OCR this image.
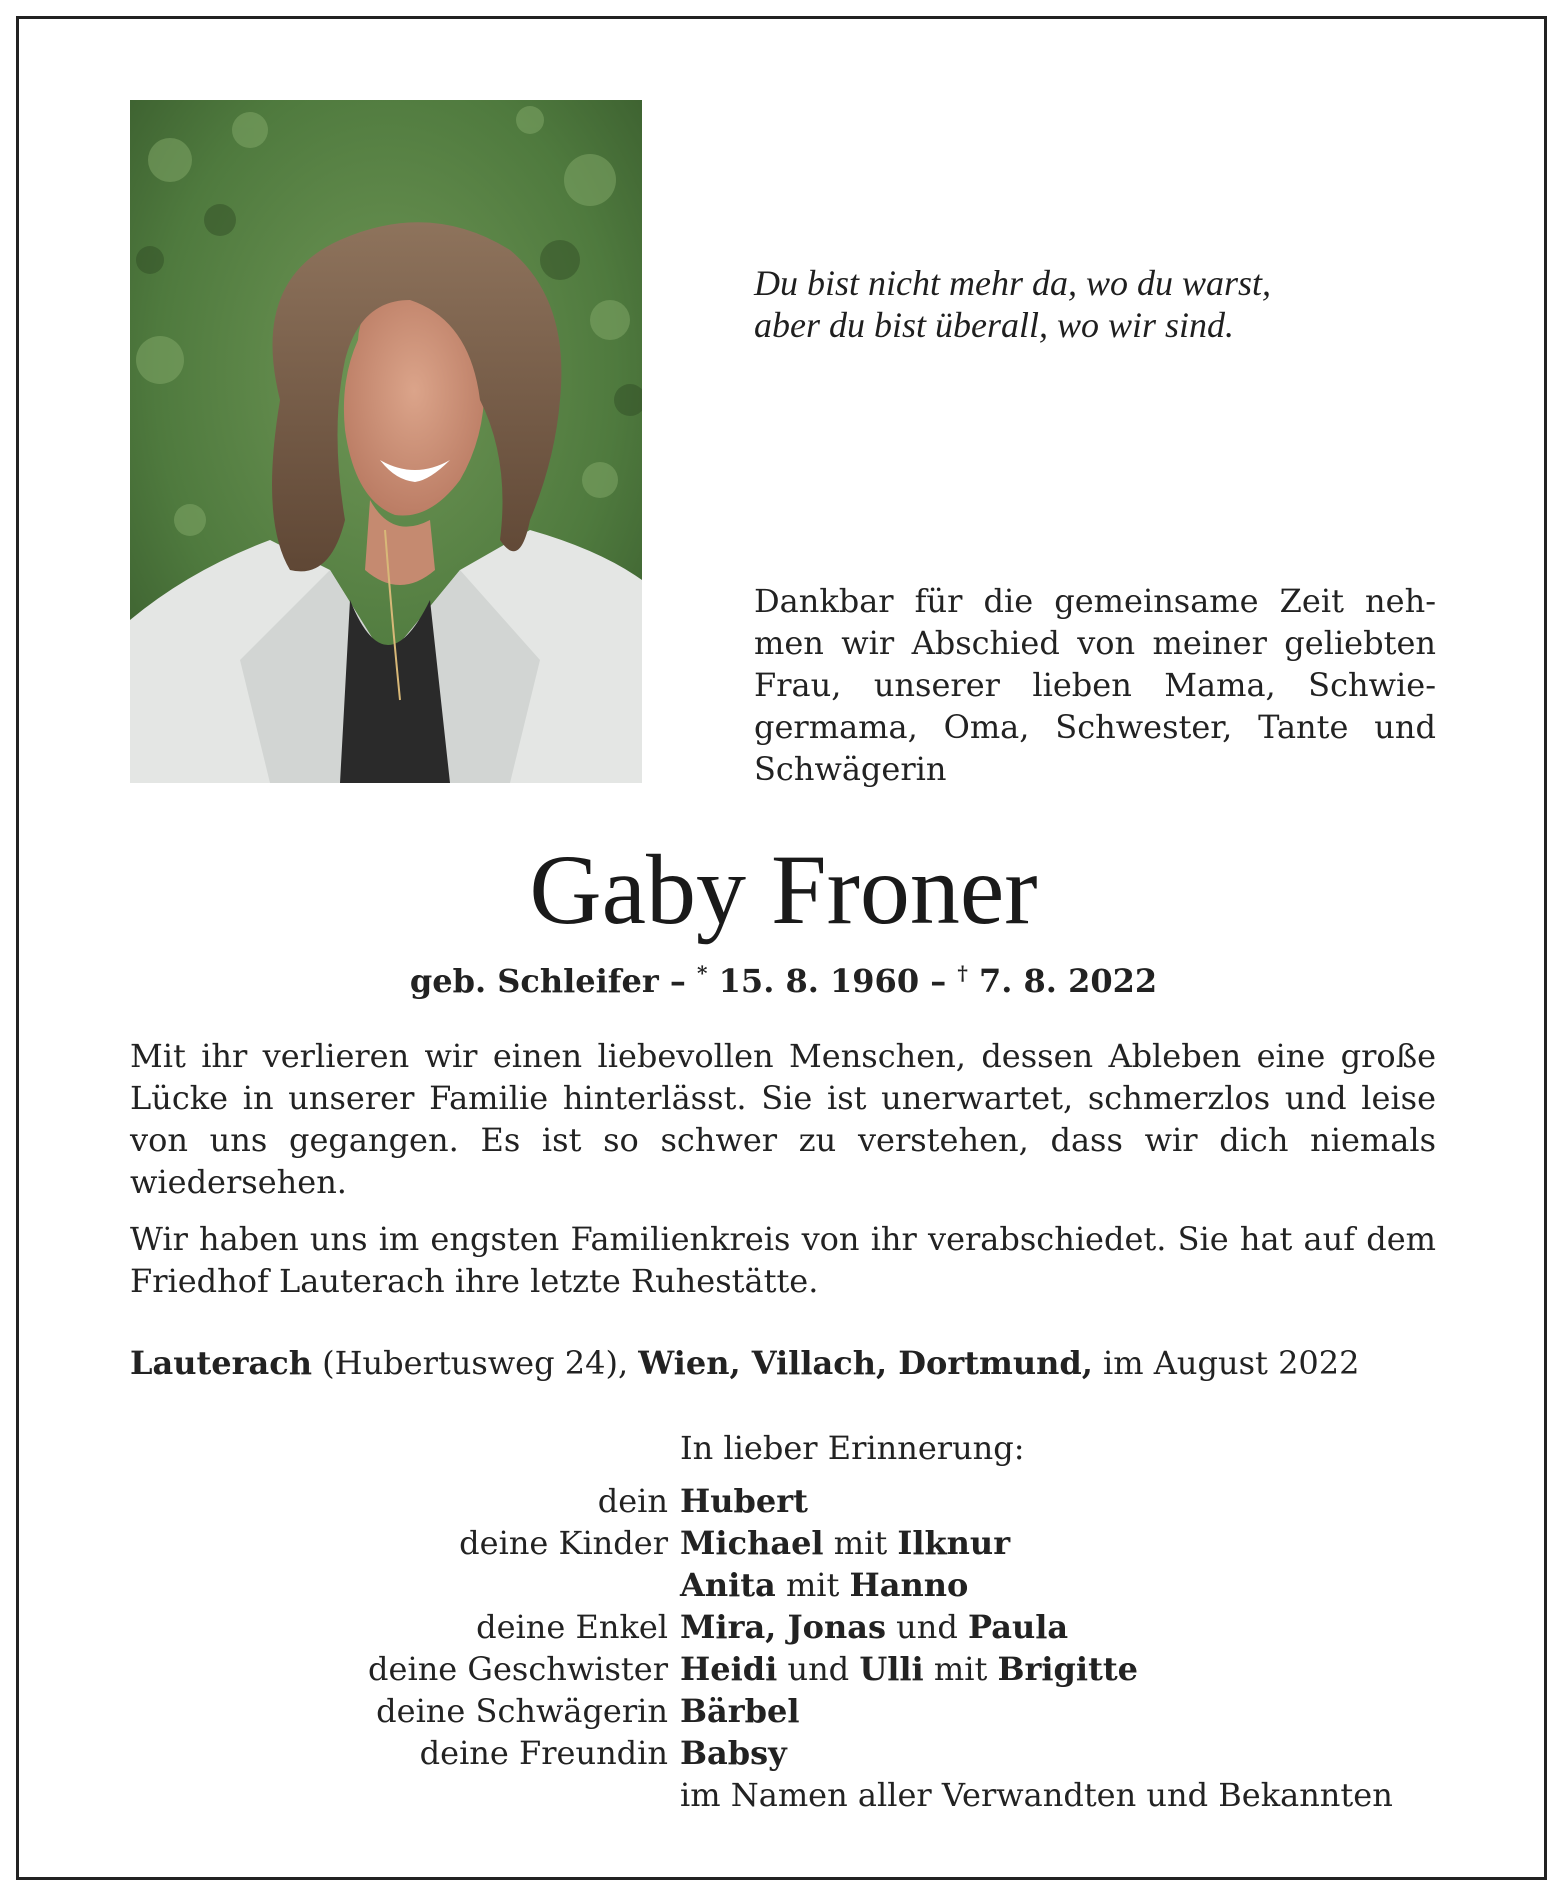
Du bist nicht mehr da, wo du warst,
aber du bist überall, wo wir sind.
Dankbar für die gemeinsame Zeit nehmen wir Abschied von meiner geliebten Frau, unserer lieben Mama, Schwiegermama, Oma, Schwester, Tante und Schwägerin
Gaby Froner
geb. Schleifer – * 15. 8. 1960 – † 7. 8. 2022
Mit ihr verlieren wir einen liebevollen Menschen, dessen Ableben eine große Lücke in unserer Familie hinterlässt. Sie ist unerwartet, schmerzlos und leise von uns gegangen. Es ist so schwer zu verstehen, dass wir dich niemals wiedersehen.
Wir haben uns im engsten Familienkreis von ihr verabschiedet. Sie hat auf dem Friedhof Lauterach ihre letzte Ruhestätte.
Lauterach (Hubertusweg 24), Wien, Villach, Dortmund, im August 2022
In lieber Erinnerung:
dein Hubert
deine Kinder Michael mit Ilknur
Anita mit Hanno
deine Enkel Mira, Jonas und Paula
deine Geschwister Heidi und Ulli mit Brigitte
deine Schwägerin Bärbel
deine Freundin Babsy
im Namen aller Verwandten und Bekannten
